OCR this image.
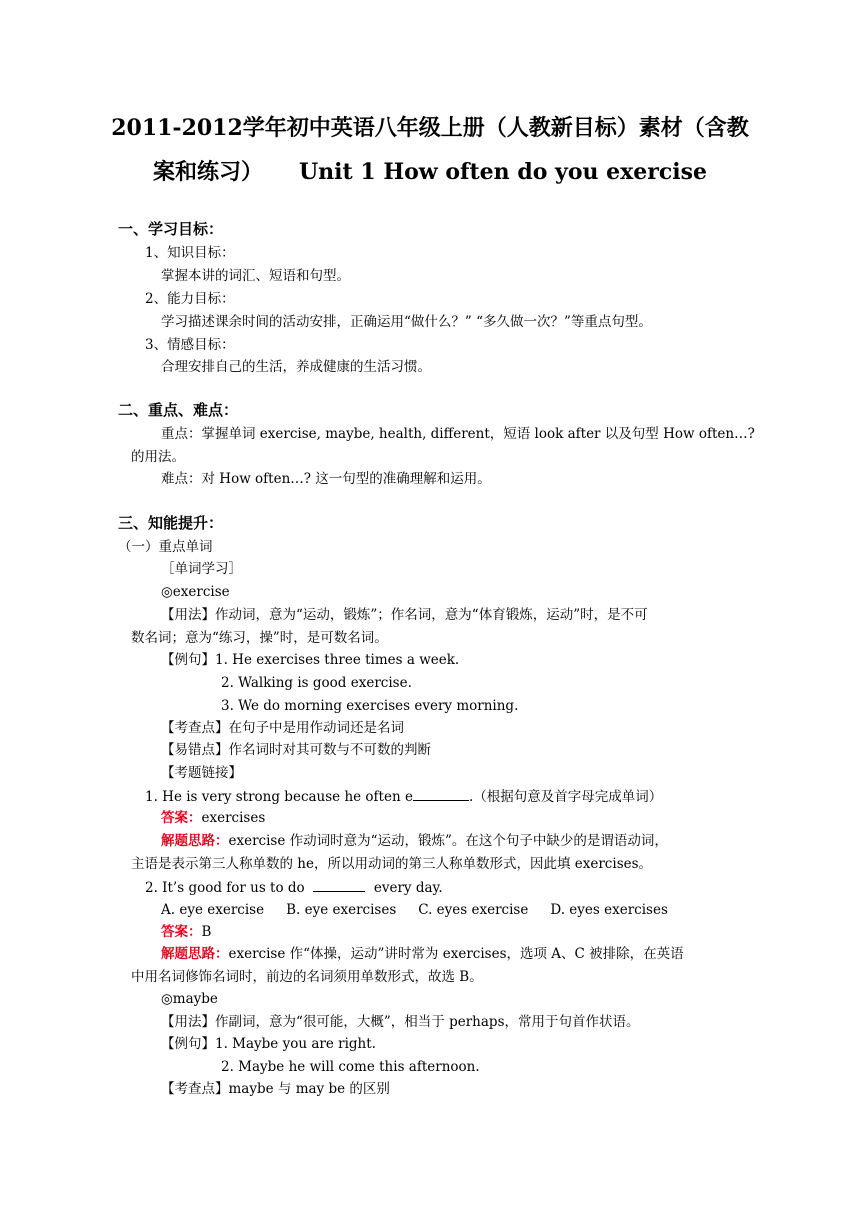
2011-2012学年初中英语八年级上册（人教新目标）素材（含教
案和练习） Unit 1 How often do you exercise
一、学习目标：
1、知识目标：
掌握本讲的词汇、短语和句型。
2、能力目标：
学习描述课余时间的活动安排，正确运用“做什么？” “多久做一次？”等重点句型。
3、情感目标：
合理安排自己的生活，养成健康的生活习惯。
二、重点、难点：
重点：掌握单词 exercise, maybe, health, different，短语 look after 以及句型 How often…?
的用法。
难点：对 How often…? 这一句型的准确理解和运用。
三、知能提升：
（一）重点单词
［单词学习］
◎exercise
【用法】作动词，意为“运动，锻炼”；作名词，意为“体育锻炼，运动”时，是不可
数名词；意为“练习，操”时，是可数名词。
【例句】1. He exercises three times a week.
2. Walking is good exercise.
3. We do morning exercises every morning.
【考查点】在句子中是用作动词还是名词
【易错点】作名词时对其可数与不可数的判断
【考题链接】
1. He is very strong because he often e	.（根据句意及首字母完成单词）
答案：exercises
解题思路：exercise 作动词时意为“运动，锻炼”。在这个句子中缺少的是谓语动词，
主语是表示第三人称单数的 he，所以用动词的第三人称单数形式，因此填 exercises。
2. It’s good for us to do	every day.
A. eye exercise B. eye exercises C. eyes exercise D. eyes exercises
答案：B
解题思路：exercise 作“体操，运动”讲时常为 exercises，选项 A、C 被排除，在英语
中用名词修饰名词时，前边的名词须用单数形式，故选 B。
◎maybe
【用法】作副词，意为“很可能，大概”，相当于 perhaps，常用于句首作状语。
【例句】1. Maybe you are right.
2. Maybe he will come this afternoon.
【考查点】maybe 与 may be 的区别
